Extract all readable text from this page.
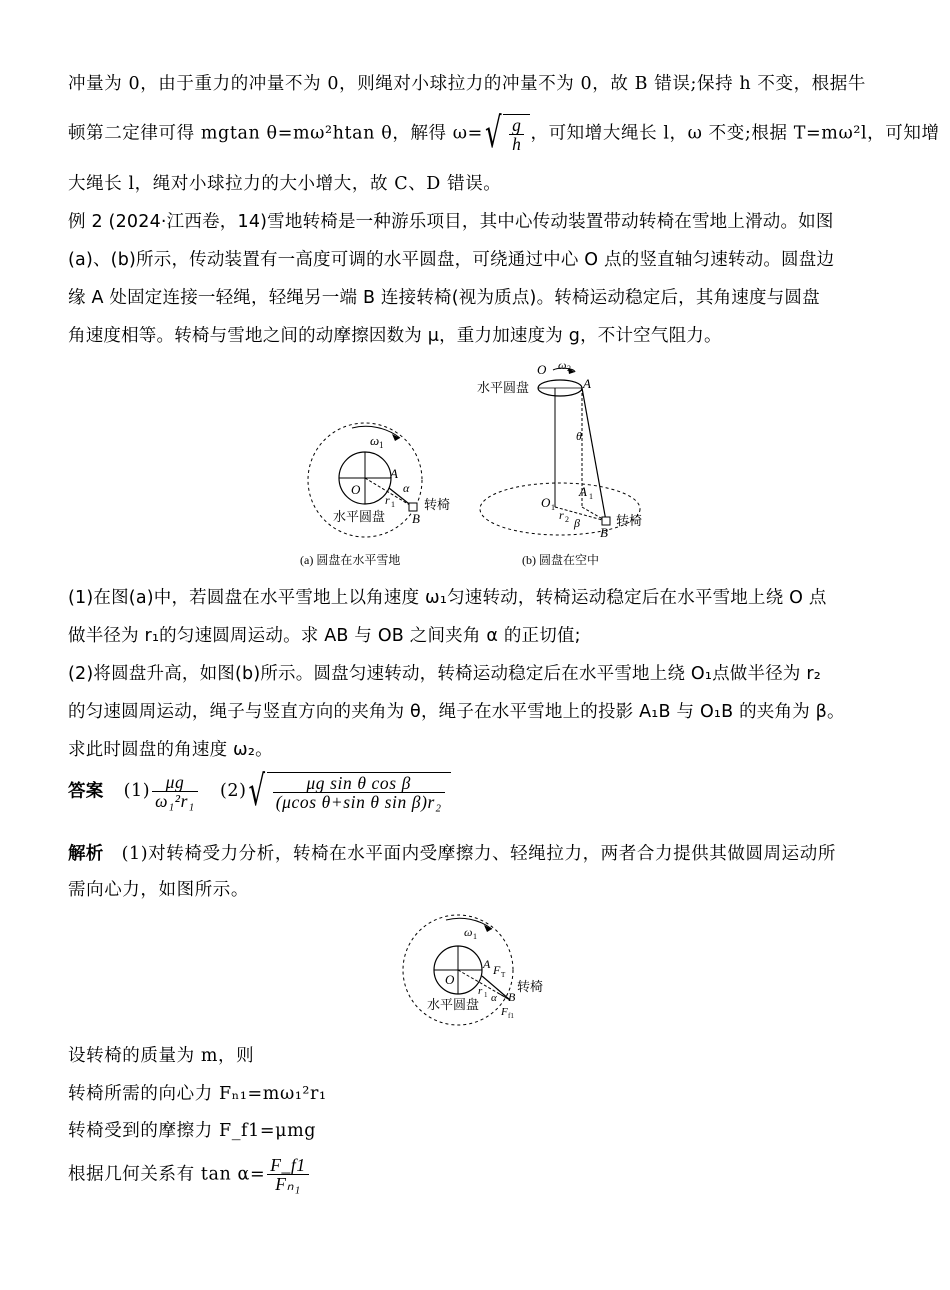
冲量为 0，由于重力的冲量不为 0，则绳对小球拉力的冲量不为 0，故 B 错误;保持 h 不变，根据牛
顿第二定律可得 mgtan θ=mω²htan θ，解得 $\omega=√ \frac{g}{h}$ ，可知增大绳长 l，ω 不变;根据 T=mω²l，可知增
大绳长 l，绳对小球拉力的大小增大，故 C、D 错误。
例 2 (2024·江西卷，14)雪地转椅是一种游乐项目，其中心传动装置带动转椅在雪地上滑动。如图
(a)、(b)所示，传动装置有一高度可调的水平圆盘，可绕通过中心 O 点的竖直轴匀速转动。圆盘边
缘 A 处固定连接一轻绳，轻绳另一端 B 连接转椅(视为质点)。转椅运动稳定后，其角速度与圆盘
角速度相等。转椅与雪地之间的动摩擦因数为 μ，重力加速度为 g，不计空气阻力。
ω 1
O
A
α
r 1
B
转椅
水平圆盘
(a) 圆盘在水平雪地
O ω 2
A
水平圆盘
θ
O 1
A 1
r 2 β
B
转椅
(b) 圆盘在空中
(1)在图(a)中，若圆盘在水平雪地上以角速度 ω₁匀速转动，转椅运动稳定后在水平雪地上绕 O 点
做半径为 r₁的匀速圆周运动。求 AB 与 OB 之间夹角 α 的正切值;
(2)将圆盘升高，如图(b)所示。圆盘匀速转动，转椅运动稳定后在水平雪地上绕 O₁点做半径为 r₂
的匀速圆周运动，绳子与竖直方向的夹角为 θ，绳子在水平雪地上的投影 A₁B 与 O₁B 的夹角为 β。
求此时圆盘的角速度 ω₂。
答案 $(1) \frac{\mu g}{\text{ω₁²r₁}} (2)√ \frac{\text{μg sin θ cos β}}{\text{(μcos θ+sin θ sin β)r₂}}$
解析 (1)对转椅受力分析，转椅在水平面内受摩擦力、轻绳拉力，两者合力提供其做圆周运动所
需向心力，如图所示。
ω 1
O
A F T
r 1 α B
转椅
水平圆盘 F f1
设转椅的质量为 m，则
转椅所需的向心力 Fₙ₁=mω₁²r₁
转椅受到的摩擦力 F_f1=μmg
根据几何关系有 $\tan \alpha= \frac{F\_f1}{\text{Fₙ₁}}$
